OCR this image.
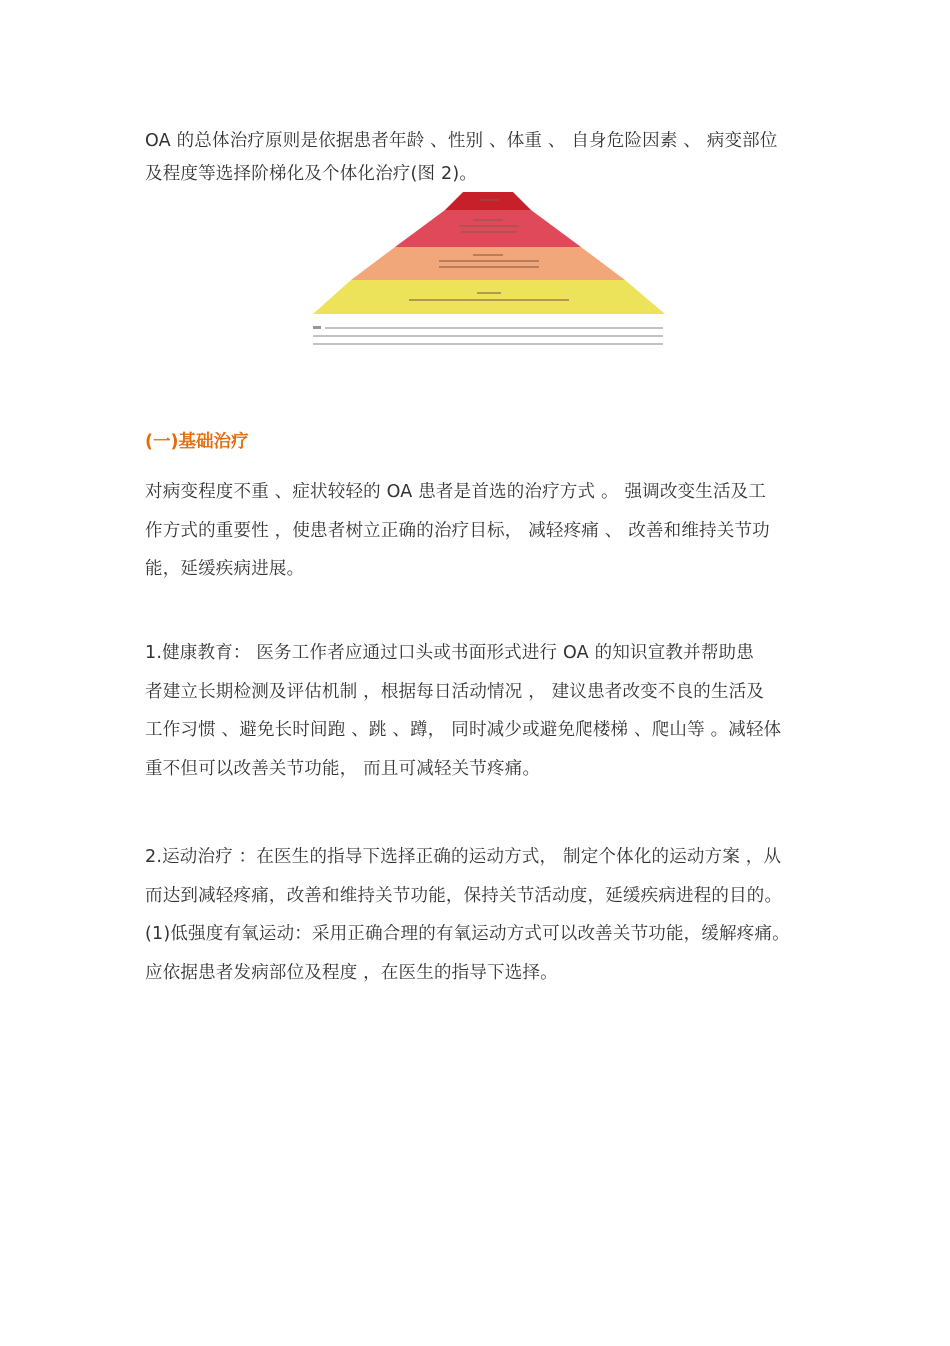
OA 的总体治疗原则是依据患者年龄 、性别 、体重 、 自身危险因素 、 病变部位
及程度等选择阶梯化及个体化治疗(图 2)。

(一)基础治疗

对病变程度不重 、症状较轻的 OA 患者是首选的治疗方式 。 强调改变生活及工
作方式的重要性 ，使患者树立正确的治疗目标， 减轻疼痛 、 改善和维持关节功
能，延缓疾病进展。

1.健康教育： 医务工作者应通过口头或书面形式进行 OA 的知识宣教并帮助患
者建立长期检测及评估机制 ，根据每日活动情况 ， 建议患者改变不良的生活及
工作习惯 、避免长时间跑 、跳 、蹲， 同时减少或避免爬楼梯 、爬山等 。减轻体
重不但可以改善关节功能， 而且可减轻关节疼痛。

2.运动治疗 ：在医生的指导下选择正确的运动方式， 制定个体化的运动方案 ，从
而达到减轻疼痛，改善和维持关节功能，保持关节活动度，延缓疾病进程的目的。
(1)低强度有氧运动：采用正确合理的有氧运动方式可以改善关节功能，缓解疼痛。
应依据患者发病部位及程度 ，在医生的指导下选择。
